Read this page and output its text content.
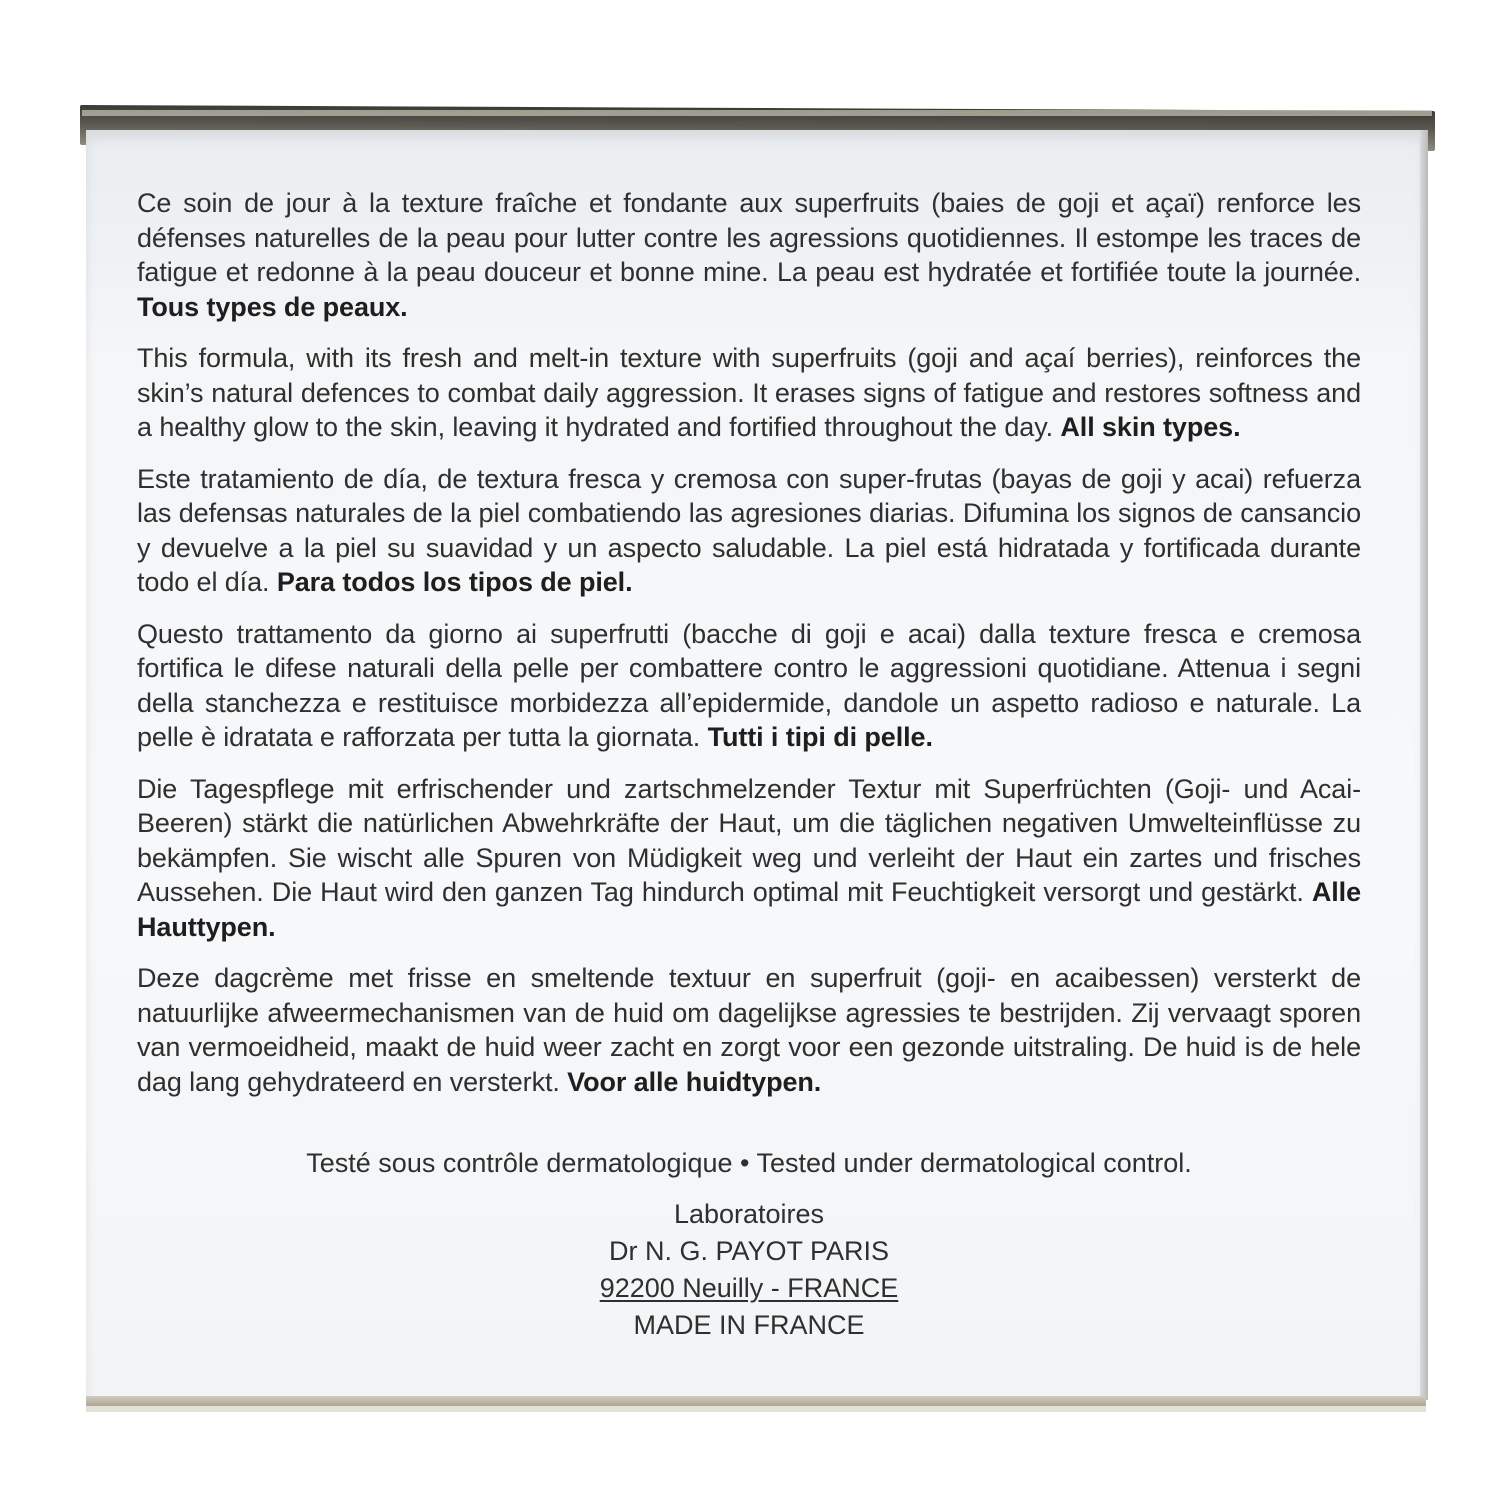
Ce soin de jour à la texture fraîche et fondante aux superfruits (baies de goji et açaï) renforce les défenses naturelles de la peau pour lutter contre les agressions quotidiennes. Il estompe les traces de fatigue et redonne à la peau douceur et bonne mine. La peau est hydratée et fortifiée toute la journée. Tous types de peaux.

This formula, with its fresh and melt-in texture with superfruits (goji and açaí berries), reinforces the skin’s natural defences to combat daily aggression. It erases signs of fatigue and restores softness and a healthy glow to the skin, leaving it hydrated and fortified throughout the day. All skin types.

Este tratamiento de día, de textura fresca y cremosa con super-frutas (bayas de goji y acai) refuerza las defensas naturales de la piel combatiendo las agresiones diarias. Difumina los signos de cansancio y devuelve a la piel su suavidad y un aspecto saludable. La piel está hidratada y fortificada durante todo el día. Para todos los tipos de piel.

Questo trattamento da giorno ai superfrutti (bacche di goji e acai) dalla texture fresca e cremosa fortifica le difese naturali della pelle per combattere contro le aggressioni quotidiane. Attenua i segni della stanchezza e restituisce morbidezza all’epidermide, dandole un aspetto radioso e naturale. La pelle è idratata e rafforzata per tutta la giornata. Tutti i tipi di pelle.

Die Tagespflege mit erfrischender und zartschmelzender Textur mit Superfrüchten (Goji- und Acai-Beeren) stärkt die natürlichen Abwehrkräfte der Haut, um die täglichen negativen Umwelteinflüsse zu bekämpfen. Sie wischt alle Spuren von Müdigkeit weg und verleiht der Haut ein zartes und frisches Aussehen. Die Haut wird den ganzen Tag hindurch optimal mit Feuchtigkeit versorgt und gestärkt. Alle Hauttypen.

Deze dagcrème met frisse en smeltende textuur en superfruit (goji- en acaibessen) versterkt de natuurlijke afweermechanismen van de huid om dagelijkse agressies te bestrijden. Zij vervaagt sporen van vermoeidheid, maakt de huid weer zacht en zorgt voor een gezonde uitstraling. De huid is de hele dag lang gehydrateerd en versterkt. Voor alle huidtypen.

Testé sous contrôle dermatologique • Tested under dermatological control.
Laboratoires
Dr N. G. PAYOT PARIS
92200 Neuilly - FRANCE
MADE IN FRANCE
